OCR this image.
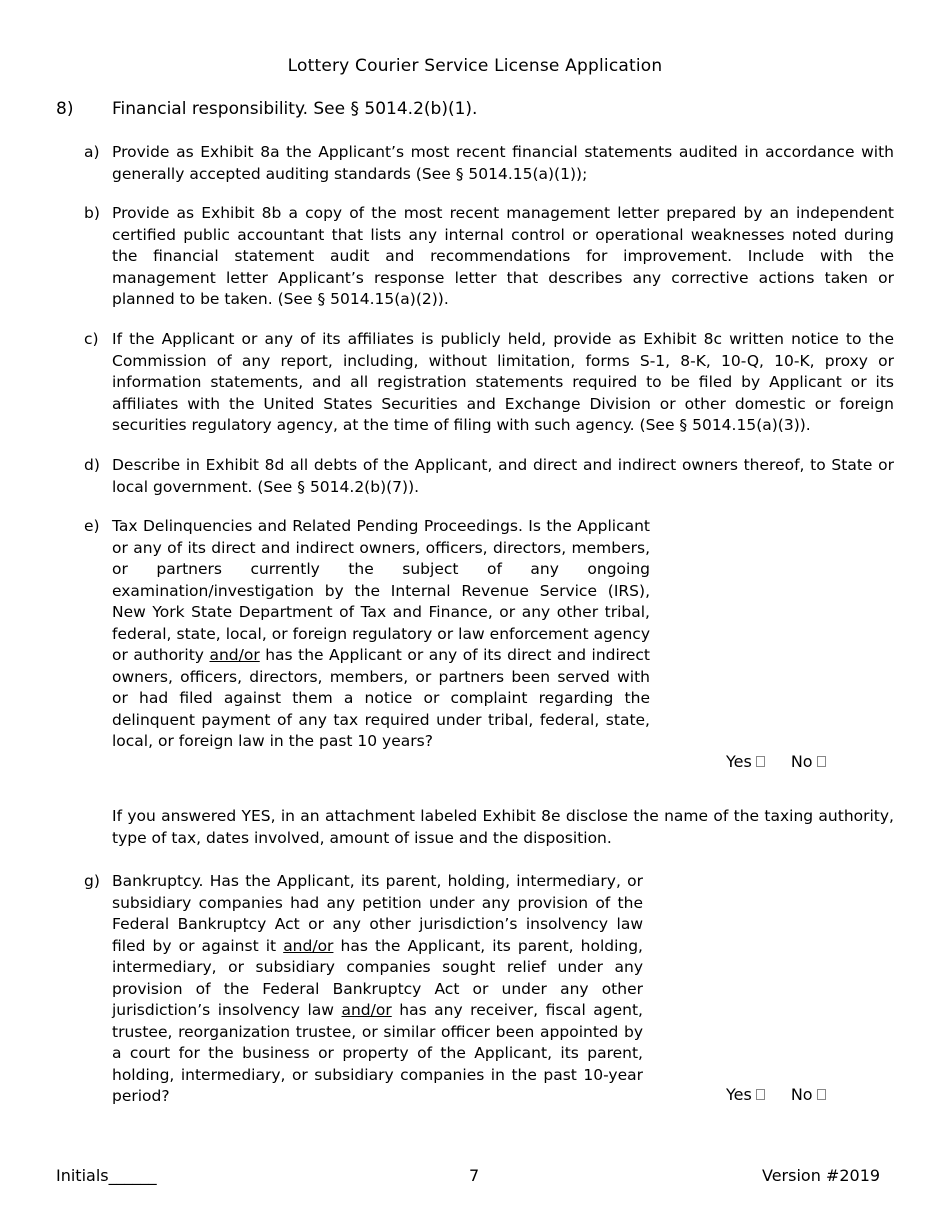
Lottery Courier Service License Application
8) Financial responsibility. See § 5014.2(b)(1).
a) Provide as Exhibit 8a the Applicant’s most recent financial statements audited in accordance with generally accepted auditing standards (See § 5014.15(a)(1));
b) Provide as Exhibit 8b a copy of the most recent management letter prepared by an independent certified public accountant that lists any internal control or operational weaknesses noted during the financial statement audit and recommendations for improvement. Include with the management letter Applicant’s response letter that describes any corrective actions taken or planned to be taken. (See § 5014.15(a)(2)).
c) If the Applicant or any of its affiliates is publicly held, provide as Exhibit 8c written notice to the Commission of any report, including, without limitation, forms S-1, 8-K, 10-Q, 10-K, proxy or information statements, and all registration statements required to be filed by Applicant or its affiliates with the United States Securities and Exchange Division or other domestic or foreign securities regulatory agency, at the time of filing with such agency. (See § 5014.15(a)(3)).
d) Describe in Exhibit 8d all debts of the Applicant, and direct and indirect owners thereof, to State or local government. (See § 5014.2(b)(7)).
e) Tax Delinquencies and Related Pending Proceedings. Is the Applicant or any of its direct and indirect owners, officers, directors, members, or partners currently the subject of any ongoing examination/investigation by the Internal Revenue Service (IRS), New York State Department of Tax and Finance, or any other tribal, federal, state, local, or foreign regulatory or law enforcement agency or authority and/or has the Applicant or any of its direct and indirect owners, officers, directors, members, or partners been served with or had filed against them a notice or complaint regarding the delinquent payment of any tax required under tribal, federal, state, local, or foreign law in the past 10 years?
Yes No
If you answered YES, in an attachment labeled Exhibit 8e disclose the name of the taxing authority, type of tax, dates involved, amount of issue and the disposition.
g) Bankruptcy. Has the Applicant, its parent, holding, intermediary, or subsidiary companies had any petition under any provision of the Federal Bankruptcy Act or any other jurisdiction’s insolvency law filed by or against it and/or has the Applicant, its parent, holding, intermediary, or subsidiary companies sought relief under any provision of the Federal Bankruptcy Act or under any other jurisdiction’s insolvency law and/or has any receiver, fiscal agent, trustee, reorganization trustee, or similar officer been appointed by a court for the business or property of the Applicant, its parent, holding, intermediary, or subsidiary companies in the past 10-year period?	Yes No
Initials______	7	Version #2019
